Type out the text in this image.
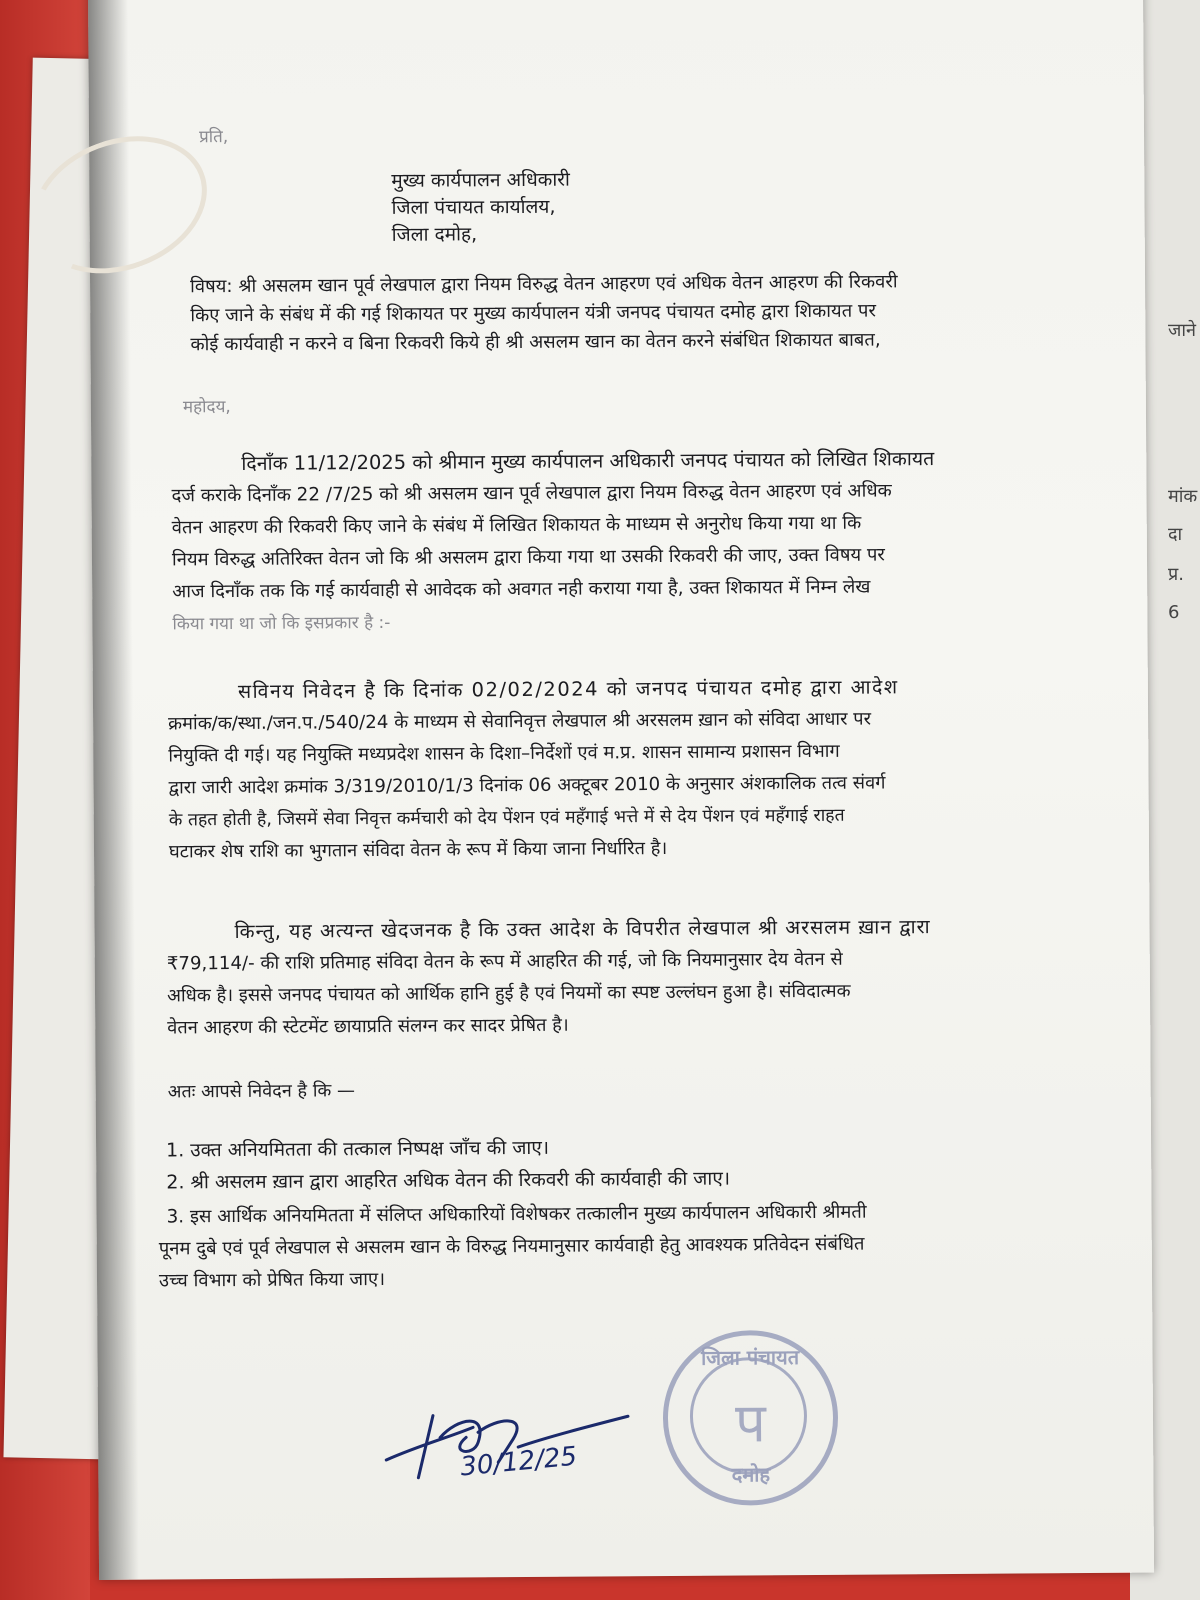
जाने
मांक
दा
प्र.
6
प्रति,
मुख्य कार्यपालन अधिकारी
जिला पंचायत कार्यालय,
जिला दमोह,
विषय: श्री असलम खान पूर्व लेखपाल द्वारा नियम विरुद्ध वेतन आहरण एवं अधिक वेतन आहरण की रिकवरी
किए जाने के संबंध में की गई शिकायत पर मुख्य कार्यपालन यंत्री जनपद पंचायत दमोह द्वारा शिकायत पर
कोई कार्यवाही न करने व बिना रिकवरी किये ही श्री असलम खान का वेतन करने संबंधित शिकायत बाबत,
महोदय,
दिनाँक 11/12/2025 को श्रीमान मुख्य कार्यपालन अधिकारी जनपद पंचायत को लिखित शिकायत
दर्ज कराके दिनाँक 22 /7/25 को श्री असलम खान पूर्व लेखपाल द्वारा नियम विरुद्ध वेतन आहरण एवं अधिक
वेतन आहरण की रिकवरी किए जाने के संबंध में लिखित शिकायत के माध्यम से अनुरोध किया गया था कि
नियम विरुद्ध अतिरिक्त वेतन जो कि श्री असलम द्वारा किया गया था उसकी रिकवरी की जाए, उक्त विषय पर
आज दिनाँक तक कि गई कार्यवाही से आवेदक को अवगत नही कराया गया है, उक्त शिकायत में निम्न लेख
किया गया था जो कि इसप्रकार है :-
सविनय निवेदन है कि दिनांक 02/02/2024 को जनपद पंचायत दमोह द्वारा आदेश
क्रमांक/क/स्था./जन.प./540/24 के माध्यम से सेवानिवृत्त लेखपाल श्री अरसलम ख़ान को संविदा आधार पर
नियुक्ति दी गई। यह नियुक्ति मध्यप्रदेश शासन के दिशा–निर्देशों एवं म.प्र. शासन सामान्य प्रशासन विभाग
द्वारा जारी आदेश क्रमांक 3/319/2010/1/3 दिनांक 06 अक्टूबर 2010 के अनुसार अंशकालिक तत्व संवर्ग
के तहत होती है, जिसमें सेवा निवृत्त कर्मचारी को देय पेंशन एवं महँगाई भत्ते में से देय पेंशन एवं महँगाई राहत
घटाकर शेष राशि का भुगतान संविदा वेतन के रूप में किया जाना निर्धारित है।
किन्तु, यह अत्यन्त खेदजनक है कि उक्त आदेश के विपरीत लेखपाल श्री अरसलम ख़ान द्वारा
₹79,114/- की राशि प्रतिमाह संविदा वेतन के रूप में आहरित की गई, जो कि नियमानुसार देय वेतन से
अधिक है। इससे जनपद पंचायत को आर्थिक हानि हुई है एवं नियमों का स्पष्ट उल्लंघन हुआ है। संविदात्मक
वेतन आहरण की स्टेटमेंट छायाप्रति संलग्न कर सादर प्रेषित है।
अतः आपसे निवेदन है कि —
1. उक्त अनियमितता की तत्काल निष्पक्ष जाँच की जाए।
2. श्री असलम ख़ान द्वारा आहरित अधिक वेतन की रिकवरी की कार्यवाही की जाए।
3. इस आर्थिक अनियमितता में संलिप्त अधिकारियों विशेषकर तत्कालीन मुख्य कार्यपालन अधिकारी श्रीमती
पूनम दुबे एवं पूर्व लेखपाल से असलम खान के विरुद्ध नियमानुसार कार्यवाही हेतु आवश्यक प्रतिवेदन संबंधित
उच्च विभाग को प्रेषित किया जाए।
जिला पंचायत
प
दमोह
30/12/25
